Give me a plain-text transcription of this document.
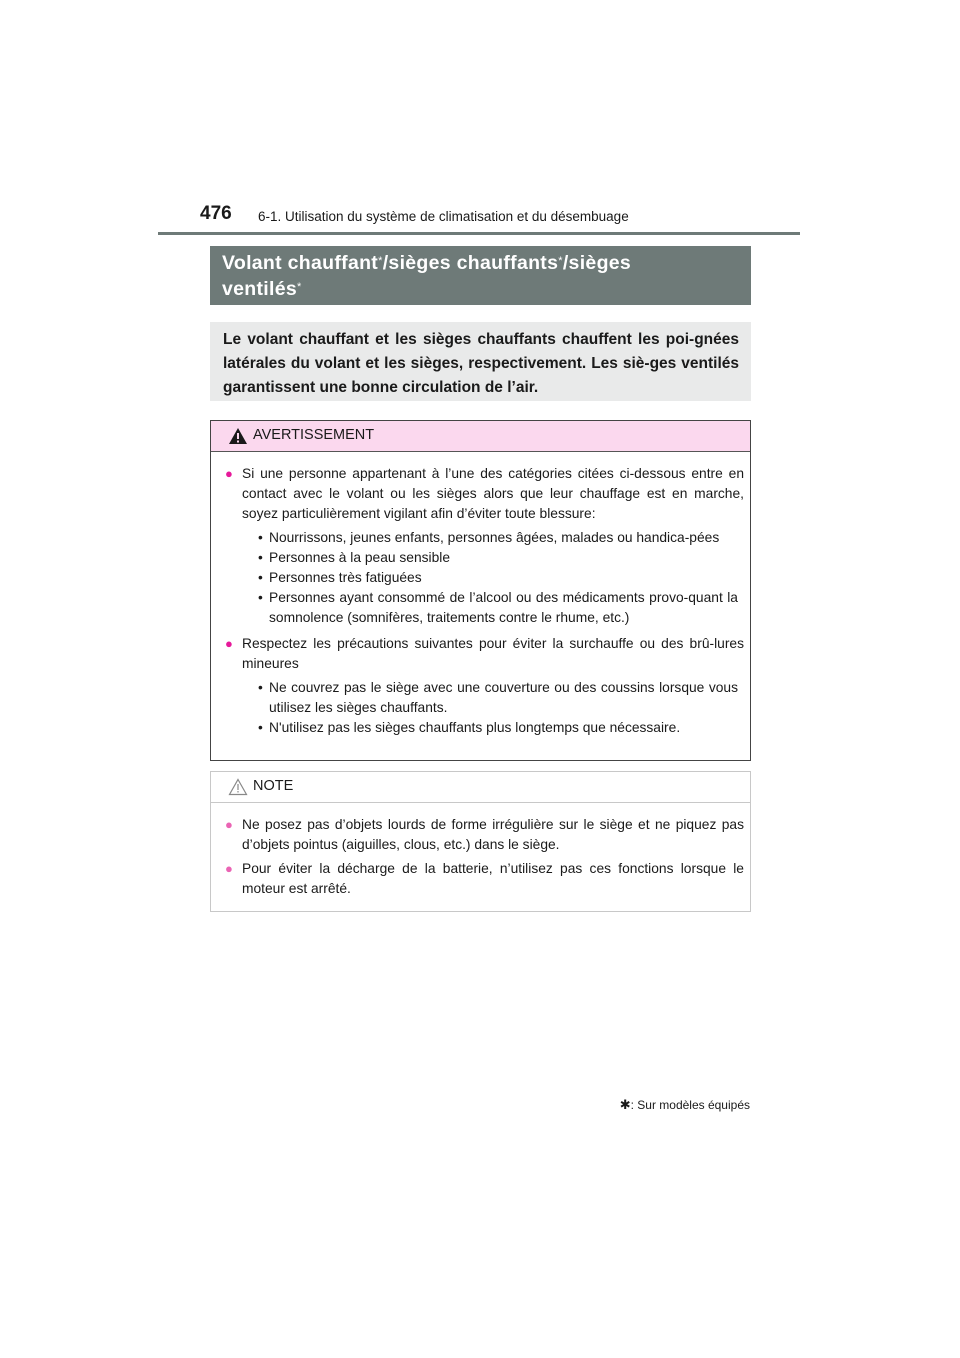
476 6-1. Utilisation du système de climatisation et du désembuage
Volant chauffant*/sièges chauffants*/sièges
ventilés*
Le volant chauffant et les sièges chauffants chauffent les poi-gnées latérales du volant et les sièges, respectivement. Les siè-ges ventilés garantissent une bonne circulation de l’air.
AVERTISSEMENT
● Si une personne appartenant à l’une des catégories citées ci-dessous entre en contact avec le volant ou les sièges alors que leur chauffage est en marche, soyez particulièrement vigilant afin d’éviter toute blessure:
• Nourrissons, jeunes enfants, personnes âgées, malades ou handica-pées
• Personnes à la peau sensible
• Personnes très fatiguées
• Personnes ayant consommé de l’alcool ou des médicaments provo-quant la somnolence (somnifères, traitements contre le rhume, etc.)
● Respectez les précautions suivantes pour éviter la surchauffe ou des brû-lures mineures
• Ne couvrez pas le siège avec une couverture ou des coussins lorsque vous utilisez les sièges chauffants.
• N'utilisez pas les sièges chauffants plus longtemps que nécessaire.
NOTE
● Ne posez pas d’objets lourds de forme irrégulière sur le siège et ne piquez pas d’objets pointus (aiguilles, clous, etc.) dans le siège.
● Pour éviter la décharge de la batterie, n’utilisez pas ces fonctions lorsque le moteur est arrêté.
✱: Sur modèles équipés
